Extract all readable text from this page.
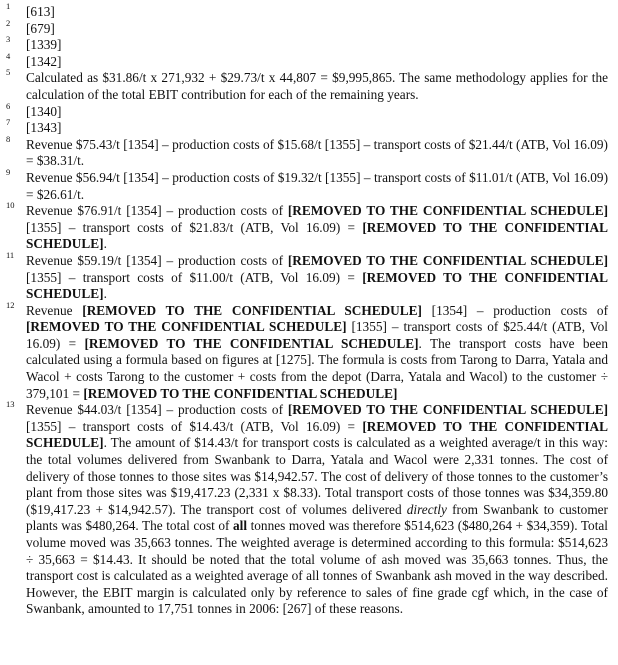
1 [613]

2 [679]

3 [1339]

4 [1342]

5 Calculated as $31.86/t x 271,932 + $29.73/t x 44,807 = $9,995,865. The same methodology applies for the calculation of the total EBIT contribution for each of the remaining years.

6 [1340]

7 [1343]

8 Revenue $75.43/t [1354] – production costs of $15.68/t [1355] – transport costs of $21.44/t (ATB, Vol 16.09) = $38.31/t.

9 Revenue $56.94/t [1354] – production costs of $19.32/t [1355] – transport costs of $11.01/t (ATB, Vol 16.09) = $26.61/t.

10 Revenue $76.91/t [1354] – production costs of [REMOVED TO THE CONFIDENTIAL SCHEDULE] [1355] – transport costs of $21.83/t (ATB, Vol 16.09) = [REMOVED TO THE CONFIDENTIAL SCHEDULE].

11 Revenue $59.19/t [1354] – production costs of [REMOVED TO THE CONFIDENTIAL SCHEDULE] [1355] – transport costs of $11.00/t (ATB, Vol 16.09) = [REMOVED TO THE CONFIDENTIAL SCHEDULE].

12 Revenue [REMOVED TO THE CONFIDENTIAL SCHEDULE] [1354] – production costs of [REMOVED TO THE CONFIDENTIAL SCHEDULE] [1355] – transport costs of $25.44/t (ATB, Vol 16.09) = [REMOVED TO THE CONFIDENTIAL SCHEDULE]. The transport costs have been calculated using a formula based on figures at [1275]. The formula is costs from Tarong to Darra, Yatala and Wacol + costs Tarong to the customer + costs from the depot (Darra, Yatala and Wacol) to the customer ÷ 379,101 = [REMOVED TO THE CONFIDENTIAL SCHEDULE]

13 Revenue $44.03/t [1354] – production costs of [REMOVED TO THE CONFIDENTIAL SCHEDULE] [1355] – transport costs of $14.43/t (ATB, Vol 16.09) = [REMOVED TO THE CONFIDENTIAL SCHEDULE]. The amount of $14.43/t for transport costs is calculated as a weighted average/t in this way: the total volumes delivered from Swanbank to Darra, Yatala and Wacol were 2,331 tonnes. The cost of delivery of those tonnes to those sites was $14,942.57. The cost of delivery of those tonnes to the customer’s plant from those sites was $19,417.23 (2,331 x $8.33). Total transport costs of those tonnes was $34,359.80 ($19,417.23 + $14,942.57). The transport cost of volumes delivered directly from Swanbank to customer plants was $480,264. The total cost of all tonnes moved was therefore $514,623 ($480,264 + $34,359). Total volume moved was 35,663 tonnes. The weighted average is determined according to this formula: $514,623 ÷ 35,663 = $14.43. It should be noted that the total volume of ash moved was 35,663 tonnes. Thus, the transport cost is calculated as a weighted average of all tonnes of Swanbank ash moved in the way described. However, the EBIT margin is calculated only by reference to sales of fine grade cgf which, in the case of Swanbank, amounted to 17,751 tonnes in 2006: [267] of these reasons.
